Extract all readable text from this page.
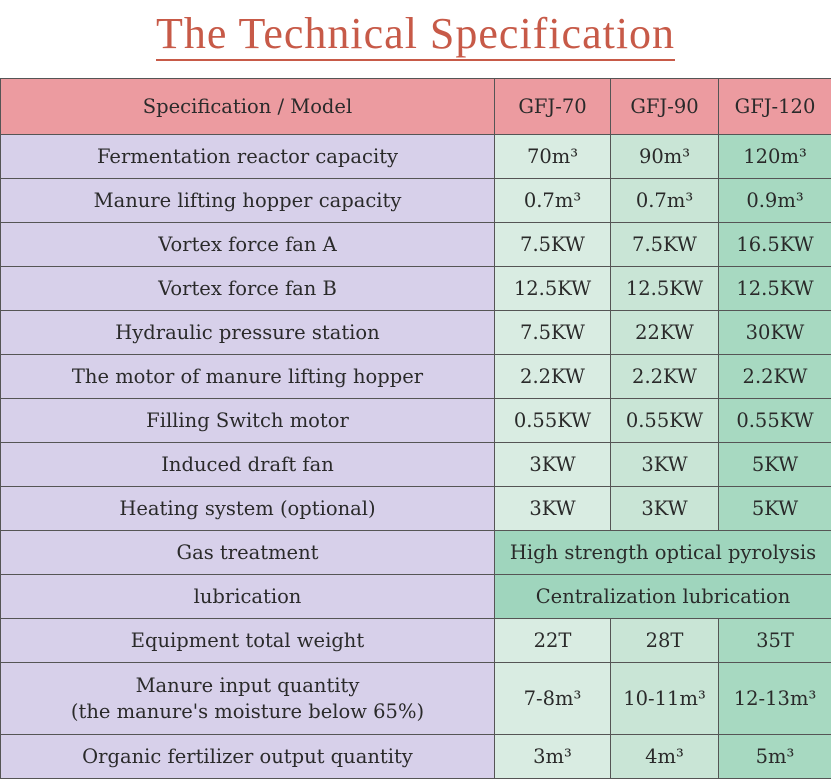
The Technical Specification
Specification / Model	GFJ-70	GFJ-90	GFJ-120
Fermentation reactor capacity	70m³	90m³	120m³
Manure lifting hopper capacity	0.7m³	0.7m³	0.9m³
Vortex force fan A	7.5KW	7.5KW	16.5KW
Vortex force fan B	12.5KW	12.5KW	12.5KW
Hydraulic pressure station	7.5KW	22KW	30KW
The motor of manure lifting hopper	2.2KW	2.2KW	2.2KW
Filling Switch motor	0.55KW	0.55KW	0.55KW
Induced draft fan	3KW	3KW	5KW
Heating system (optional)	3KW	3KW	5KW
Gas treatment	High strength optical pyrolysis		
lubrication	Centralization lubrication		
Equipment total weight	22T	28T	35T

Manure input quantity
(the manure's moisture below 65%)	7-8m³	10-11m³	12-13m³
Organic fertilizer output quantity	3m³	4m³	5m³
